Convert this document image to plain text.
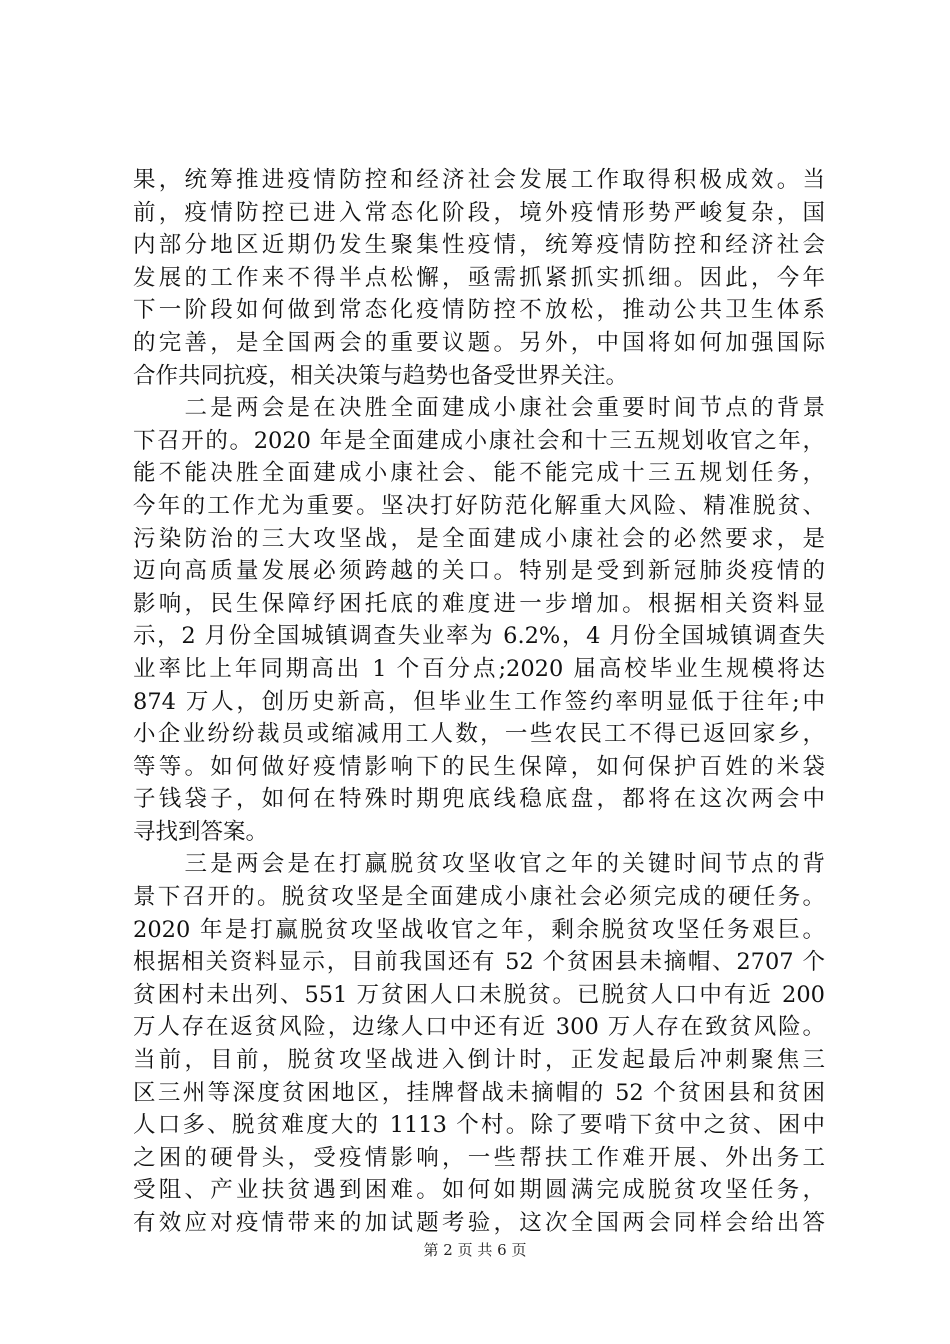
果，统筹推进疫情防控和经济社会发展工作取得积极成效。当
前，疫情防控已进入常态化阶段，境外疫情形势严峻复杂，国
内部分地区近期仍发生聚集性疫情，统筹疫情防控和经济社会
发展的工作来不得半点松懈，亟需抓紧抓实抓细。因此，今年
下一阶段如何做到常态化疫情防控不放松，推动公共卫生体系
的完善，是全国两会的重要议题。另外，中国将如何加强国际
合作共同抗疫，相关决策与趋势也备受世界关注。
　　二是两会是在决胜全面建成小康社会重要时间节点的背景
下召开的。2020 年是全面建成小康社会和十三五规划收官之年，
能不能决胜全面建成小康社会、能不能完成十三五规划任务，
今年的工作尤为重要。坚决打好防范化解重大风险、精准脱贫、
污染防治的三大攻坚战，是全面建成小康社会的必然要求，是
迈向高质量发展必须跨越的关口。特别是受到新冠肺炎疫情的
影响，民生保障纾困托底的难度进一步增加。根据相关资料显
示，2 月份全国城镇调查失业率为 6.2%，4 月份全国城镇调查失
业率比上年同期高出 1 个百分点;2020 届高校毕业生规模将达
874 万人，创历史新高，但毕业生工作签约率明显低于往年;中
小企业纷纷裁员或缩减用工人数，一些农民工不得已返回家乡，
等等。如何做好疫情影响下的民生保障，如何保护百姓的米袋
子钱袋子，如何在特殊时期兜底线稳底盘，都将在这次两会中
寻找到答案。
　　三是两会是在打赢脱贫攻坚收官之年的关键时间节点的背
景下召开的。脱贫攻坚是全面建成小康社会必须完成的硬任务。
2020 年是打赢脱贫攻坚战收官之年，剩余脱贫攻坚任务艰巨。
根据相关资料显示，目前我国还有 52 个贫困县未摘帽、2707 个
贫困村未出列、551 万贫困人口未脱贫。已脱贫人口中有近 200
万人存在返贫风险，边缘人口中还有近 300 万人存在致贫风险。
当前，目前，脱贫攻坚战进入倒计时，正发起最后冲刺聚焦三
区三州等深度贫困地区，挂牌督战未摘帽的 52 个贫困县和贫困
人口多、脱贫难度大的 1113 个村。除了要啃下贫中之贫、困中
之困的硬骨头，受疫情影响，一些帮扶工作难开展、外出务工
受阻、产业扶贫遇到困难。如何如期圆满完成脱贫攻坚任务，
有效应对疫情带来的加试题考验，这次全国两会同样会给出答
第 2 页 共 6 页
